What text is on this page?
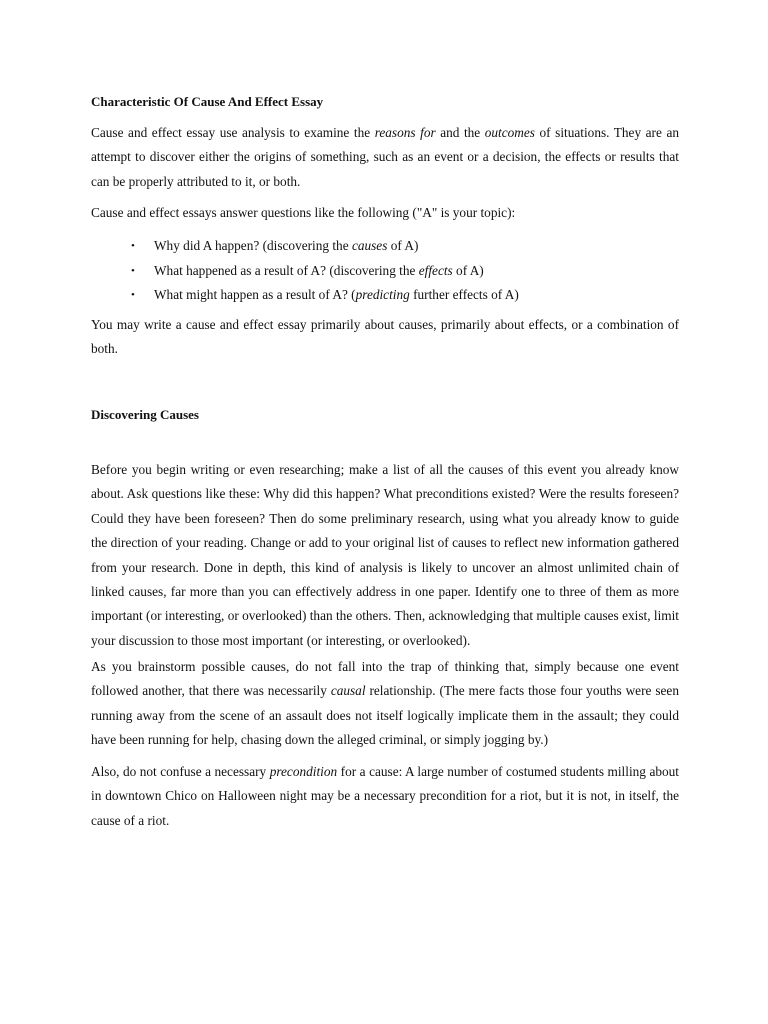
Characteristic Of Cause And Effect Essay

Cause and effect essay use analysis to examine the reasons for and the outcomes of situations. They are an attempt to discover either the origins of something, such as an event or a decision, the effects or results that can be properly attributed to it, or both.

Cause and effect essays answer questions like the following ("A" is your topic):

• Why did A happen? (discovering the causes of A)
• What happened as a result of A? (discovering the effects of A)
• What might happen as a result of A? (predicting further effects of A)

You may write a cause and effect essay primarily about causes, primarily about effects, or a combination of both.

Discovering Causes

Before you begin writing or even researching; make a list of all the causes of this event you already know about. Ask questions like these: Why did this happen? What preconditions existed? Were the results foreseen? Could they have been foreseen? Then do some preliminary research, using what you already know to guide the direction of your reading. Change or add to your original list of causes to reflect new information gathered from your research. Done in depth, this kind of analysis is likely to uncover an almost unlimited chain of linked causes, far more than you can effectively address in one paper. Identify one to three of them as more important (or interesting, or overlooked) than the others. Then, acknowledging that multiple causes exist, limit your discussion to those most important (or interesting, or overlooked).

As you brainstorm possible causes, do not fall into the trap of thinking that, simply because one event followed another, that there was necessarily causal relationship. (The mere facts those four youths were seen running away from the scene of an assault does not itself logically implicate them in the assault; they could have been running for help, chasing down the alleged criminal, or simply jogging by.)

Also, do not confuse a necessary precondition for a cause: A large number of costumed students milling about in downtown Chico on Halloween night may be a necessary precondition for a riot, but it is not, in itself, the cause of a riot.
